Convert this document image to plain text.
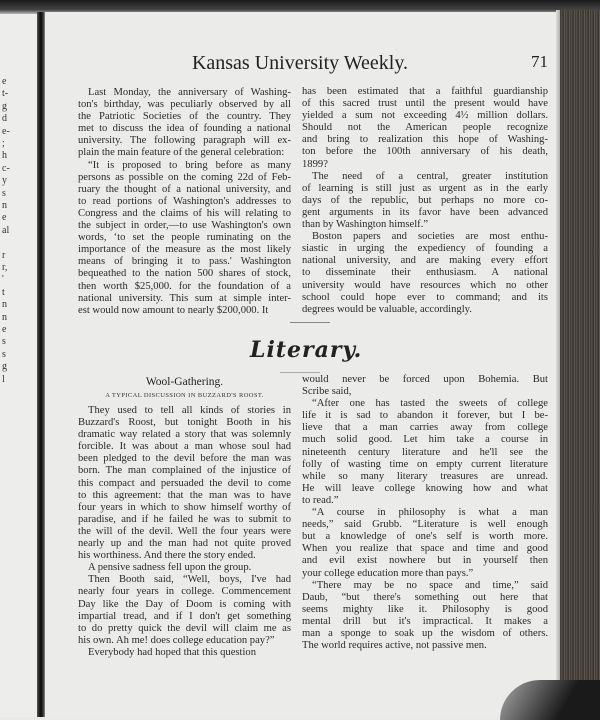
e
t-
g
d
e-
;
h
c-
y
s
n
e
al
r
r,
'
t
n
n
e
s
s
g
l
Kansas University Weekly.	71
Last Monday, the anniversary of Washing-
ton's birthday, was peculiarly observed by all
the Patriotic Societies of the country. They
met to discuss the idea of founding a national
university. The following paragraph will ex-
plain the main feature of the general celebration:
“It is proposed to bring before as many
persons as possible on the coming 22d of Feb-
ruary the thought of a national university, and
to read portions of Washington's addresses to
Congress and the claims of his will relating to
the subject in order,—to use Washington's own
words, ‘to set the people ruminating on the
importance of the measure as the most likely
means of bringing it to pass.' Washington
bequeathed to the nation 500 shares of stock,
then worth $25,000. for the foundation of a
national university. This sum at simple inter-
est would now amount to nearly $200,000. It
has been estimated that a faithful guardianship
of this sacred trust until the present would have
yielded a sum not exceeding 4½ million dollars.
Should not the American people recognize
and bring to realization this hope of Washing-
ton before the 100th anniversary of his death,
1899?
The need of a central, greater institution
of learning is still just as urgent as in the early
days of the republic, but perhaps no more co-
gent arguments in its favor have been advanced
than by Washington himself.”
Boston papers and societies are most enthu-
siastic in urging the expediency of founding a
national university, and are making every effort
to disseminate their enthusiasm. A national
university would have resources which no other
school could hope ever to command; and its
degrees would be valuable, accordingly.
Literary.
Wool-Gathering.
A TYPICAL DISCUSSION IN BUZZARD'S ROOST.
They used to tell all kinds of stories in
Buzzard's Roost, but tonight Booth in his
dramatic way related a story that was solemnly
forcible. It was about a man whose soul had
been pledged to the devil before the man was
born. The man complained of the injustice of
this compact and persuaded the devil to come
to this agreement: that the man was to have
four years in which to show himself worthy of
paradise, and if he failed he was to submit to
the will of the devil. Well the four years were
nearly up and the man had not quite proved
his worthiness. And there the story ended.
A pensive sadness fell upon the group.
Then Booth said, “Well, boys, I've had
nearly four years in college. Commencement
Day like the Day of Doom is coming with
impartial tread, and if I don't get something
to do pretty quick the devil will claim me as
his own. Ah me! does college education pay?”
Everybody had hoped that this question
would never be forced upon Bohemia. But
Scribe said,
“After one has tasted the sweets of college
life it is sad to abandon it forever, but I be-
lieve that a man carries away from college
much solid good. Let him take a course in
nineteenth century literature and he'll see the
folly of wasting time on empty current literature
while so many literary treasures are unread.
He will leave college knowing how and what
to read.”
“A course in philosophy is what a man
needs,” said Grubb. “Literature is well enough
but a knowledge of one's self is worth more.
When you realize that space and time and good
and evil exist nowhere but in yourself then
your college education more than pays.”
“There may be no space and time,” said
Daub, “but there's something out here that
seems mighty like it. Philosophy is good
mental drill but it's impractical. It makes a
man a sponge to soak up the wisdom of others.
The world requires active, not passive men.
